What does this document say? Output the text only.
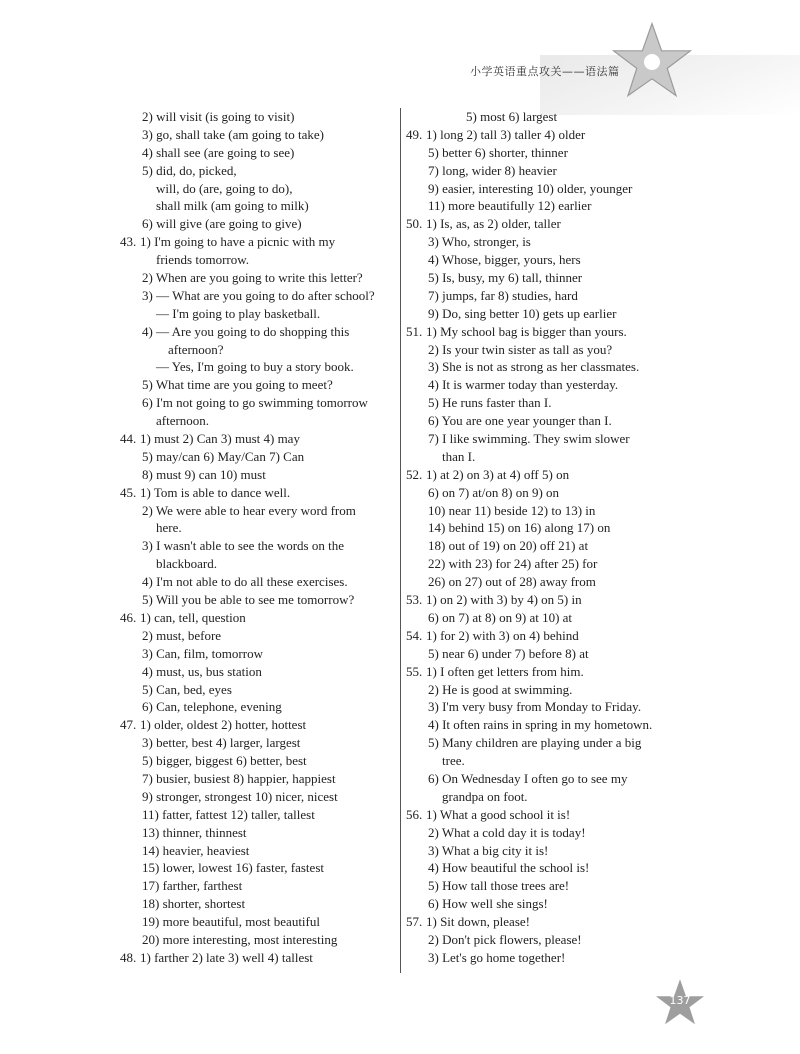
小学英语重点攻关——语法篇
2) will visit (is going to visit)
3) go, shall take (am going to take)
4) shall see (are going to see)
5) did, do, picked,
will, do (are, going to do),
shall milk (am going to milk)
6) will give (are going to give)
43. 1) I'm going to have a picnic with my
friends tomorrow.
2) When are you going to write this letter?
3) — What are you going to do after school?
— I'm going to play basketball.
4) — Are you going to do shopping this
afternoon?
— Yes, I'm going to buy a story book.
5) What time are you going to meet?
6) I'm not going to go swimming tomorrow
afternoon.
44. 1) must 2) Can 3) must 4) may
5) may/can 6) May/Can 7) Can
8) must 9) can 10) must
45. 1) Tom is able to dance well.
2) We were able to hear every word from
here.
3) I wasn't able to see the words on the
blackboard.
4) I'm not able to do all these exercises.
5) Will you be able to see me tomorrow?
46. 1) can, tell, question
2) must, before
3) Can, film, tomorrow
4) must, us, bus station
5) Can, bed, eyes
6) Can, telephone, evening
47. 1) older, oldest 2) hotter, hottest
3) better, best 4) larger, largest
5) bigger, biggest 6) better, best
7) busier, busiest 8) happier, happiest
9) stronger, strongest 10) nicer, nicest
11) fatter, fattest 12) taller, tallest
13) thinner, thinnest
14) heavier, heaviest
15) lower, lowest 16) faster, fastest
17) farther, farthest
18) shorter, shortest
19) more beautiful, most beautiful
20) more interesting, most interesting
48. 1) farther 2) late 3) well 4) tallest
5) most 6) largest
49. 1) long 2) tall 3) taller 4) older
5) better 6) shorter, thinner
7) long, wider 8) heavier
9) easier, interesting 10) older, younger
11) more beautifully 12) earlier
50. 1) Is, as, as 2) older, taller
3) Who, stronger, is
4) Whose, bigger, yours, hers
5) Is, busy, my 6) tall, thinner
7) jumps, far 8) studies, hard
9) Do, sing better 10) gets up earlier
51. 1) My school bag is bigger than yours.
2) Is your twin sister as tall as you?
3) She is not as strong as her classmates.
4) It is warmer today than yesterday.
5) He runs faster than I.
6) You are one year younger than I.
7) I like swimming. They swim slower
than I.
52. 1) at 2) on 3) at 4) off 5) on
6) on 7) at/on 8) on 9) on
10) near 11) beside 12) to 13) in
14) behind 15) on 16) along 17) on
18) out of 19) on 20) off 21) at
22) with 23) for 24) after 25) for
26) on 27) out of 28) away from
53. 1) on 2) with 3) by 4) on 5) in
6) on 7) at 8) on 9) at 10) at
54. 1) for 2) with 3) on 4) behind
5) near 6) under 7) before 8) at
55. 1) I often get letters from him.
2) He is good at swimming.
3) I'm very busy from Monday to Friday.
4) It often rains in spring in my hometown.
5) Many children are playing under a big
tree.
6) On Wednesday I often go to see my
grandpa on foot.
56. 1) What a good school it is!
2) What a cold day it is today!
3) What a big city it is!
4) How beautiful the school is!
5) How tall those trees are!
6) How well she sings!
57. 1) Sit down, please!
2) Don't pick flowers, please!
3) Let's go home together!
137
